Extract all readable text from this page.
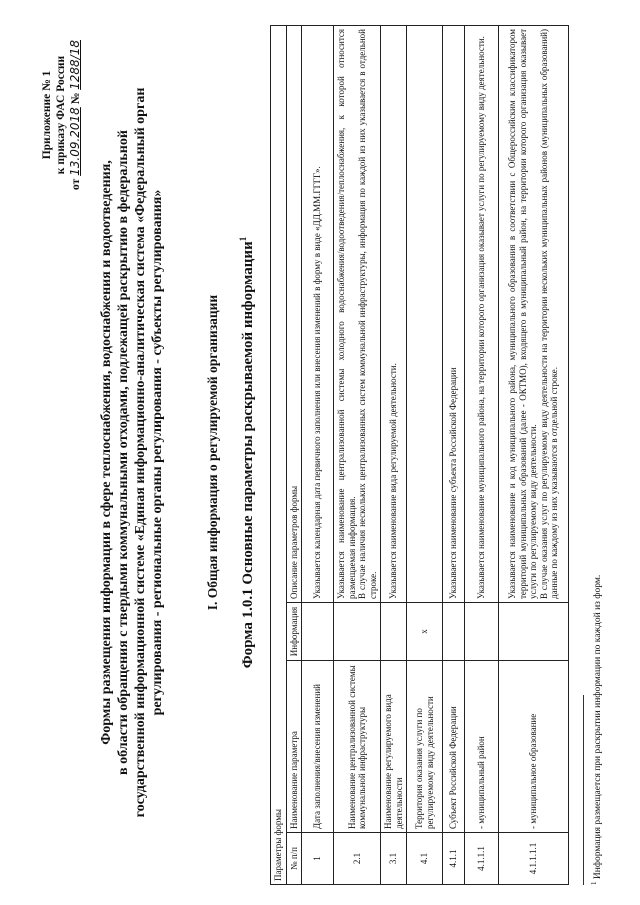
Приложение № 1 к приказу ФАС России
от 13.09.2018 № 1288/18
Формы размещения информации в сфере теплоснабжения, водоснабжения и водоотведения, в области обращения с твердыми коммунальными отходами, подлежащей раскрытию в федеральной государственной информационной системе «Единая информационно-аналитическая система «Федеральный орган регулирования - региональные органы регулирования - субъекты регулирования»	I. Общая информация о регулируемой организации Форма 1.0.1 Основные параметры раскрываемой информации$^1$
Параметры формы			
№ п/п	Наименование параметра	Информация	Описание параметров формы
1	Дата заполнения/внесения изменений		Указывается календарная дата первичного заполнения или внесения изменений в форму в виде «ДД.ММ.ГГГГ».

2.1	Наименование централизованной системы коммунальной инфраструктуры		Указывается наименование централизованной системы холодного водоснабжения/водоотведения/теплоснабжения, к которой относится размещаемая информация. В случае наличия нескольких централизованных систем коммунальной инфраструктуры, информация по каждой из них указывается в отдельной строке.

3.1	Наименование регулируемого вида деятельности		Указывается наименование вида регулируемой деятельности.

4.1	Территория оказания услуги по регулируемому виду деятельности	x	

4.1.1	Субъект Российской Федерации		Указывается наименование субъекта Российской Федерации

4.1.1.1	- муниципальный район		Указывается наименование муниципального района, на территории которого организация оказывает услуги по регулируемому виду деятельности.

4.1.1.1.1	- муниципальное образование		Указывается наименование и код муниципального района, муниципального образования в соответствии с Общероссийским классификатором территорий муниципальных образований (далее - ОКТМО), входящего в муниципальный район, на территории которого организация оказывает услуги по регулируемому виду деятельности. В случае оказания услуг по регулируемому виду деятельности на территории нескольких муниципальных районов (муниципальных образований) данные по каждому из них указываются в отдельной строке.
$^1$ Информация размещается при раскрытии информации по каждой из форм.
